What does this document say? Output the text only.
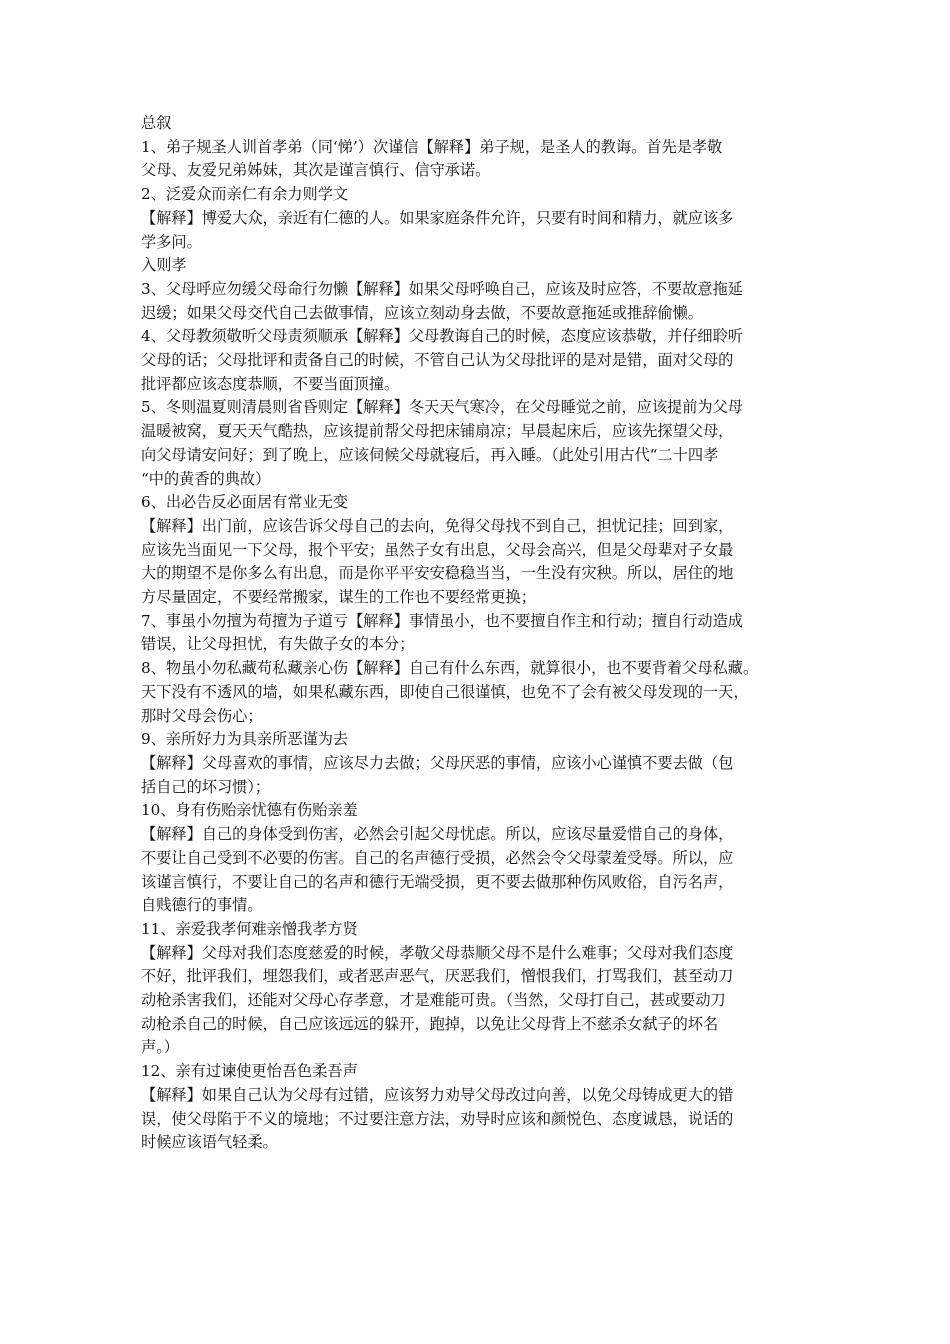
总叙

1、弟子规圣人训首孝弟（同‘悌’）次谨信【解释】弟子规，是圣人的教诲。首先是孝敬

父母、友爱兄弟姊妹，其次是谨言慎行、信守承诺。

2、泛爱众而亲仁有余力则学文

【解释】博爱大众，亲近有仁德的人。如果家庭条件允许，只要有时间和精力，就应该多

学多问。

入则孝

3、父母呼应勿缓父母命行勿懒【解释】如果父母呼唤自己，应该及时应答，不要故意拖延

迟缓；如果父母交代自己去做事情，应该立刻动身去做，不要故意拖延或推辞偷懒。

4、父母教须敬听父母责须顺承【解释】父母教诲自己的时候，态度应该恭敬，并仔细聆听

父母的话；父母批评和责备自己的时候，不管自己认为父母批评的是对是错，面对父母的

批评都应该态度恭顺，不要当面顶撞。

5、冬则温夏则清晨则省昏则定【解释】冬天天气寒冷，在父母睡觉之前，应该提前为父母

温暖被窝，夏天天气酷热，应该提前帮父母把床铺扇凉；早晨起床后，应该先探望父母，

向父母请安问好；到了晚上，应该伺候父母就寝后，再入睡。（此处引用古代“二十四孝

“中的黄香的典故）

6、出必告反必面居有常业无变

【解释】出门前，应该告诉父母自己的去向，免得父母找不到自己，担忧记挂；回到家，

应该先当面见一下父母，报个平安；虽然子女有出息，父母会高兴，但是父母辈对子女最

大的期望不是你多么有出息，而是你平平安安稳稳当当，一生没有灾秧。所以，居住的地

方尽量固定，不要经常搬家，谋生的工作也不要经常更换；

7、事虽小勿擅为苟擅为子道亏【解释】事情虽小，也不要擅自作主和行动；擅自行动造成

错误，让父母担忧，有失做子女的本分；

8、物虽小勿私藏苟私藏亲心伤【解释】自己有什么东西，就算很小，也不要背着父母私藏。

天下没有不透风的墙，如果私藏东西，即使自己很谨慎，也免不了会有被父母发现的一天，

那时父母会伤心；

9、亲所好力为具亲所恶谨为去

【解释】父母喜欢的事情，应该尽力去做；父母厌恶的事情，应该小心谨慎不要去做（包

括自己的坏习惯）；

10、身有伤贻亲忧德有伤贻亲羞

【解释】自己的身体受到伤害，必然会引起父母忧虑。所以，应该尽量爱惜自己的身体，

不要让自己受到不必要的伤害。自己的名声德行受损，必然会令父母蒙羞受辱。所以，应

该谨言慎行，不要让自己的名声和德行无端受损，更不要去做那种伤风败俗，自污名声，

自贱德行的事情。

11、亲爱我孝何难亲憎我孝方贤

【解释】父母对我们态度慈爱的时候，孝敬父母恭顺父母不是什么难事；父母对我们态度

不好，批评我们，埋怨我们，或者恶声恶气，厌恶我们，憎恨我们，打骂我们，甚至动刀

动枪杀害我们，还能对父母心存孝意，才是难能可贵。（当然，父母打自己，甚或要动刀

动枪杀自己的时候，自己应该远远的躲开，跑掉，以免让父母背上不慈杀女弑子的坏名

声。）

12、亲有过谏使更怡吾色柔吾声

【解释】如果自己认为父母有过错，应该努力劝导父母改过向善，以免父母铸成更大的错

误，使父母陷于不义的境地；不过要注意方法，劝导时应该和颜悦色、态度诚恳，说话的

时候应该语气轻柔。
